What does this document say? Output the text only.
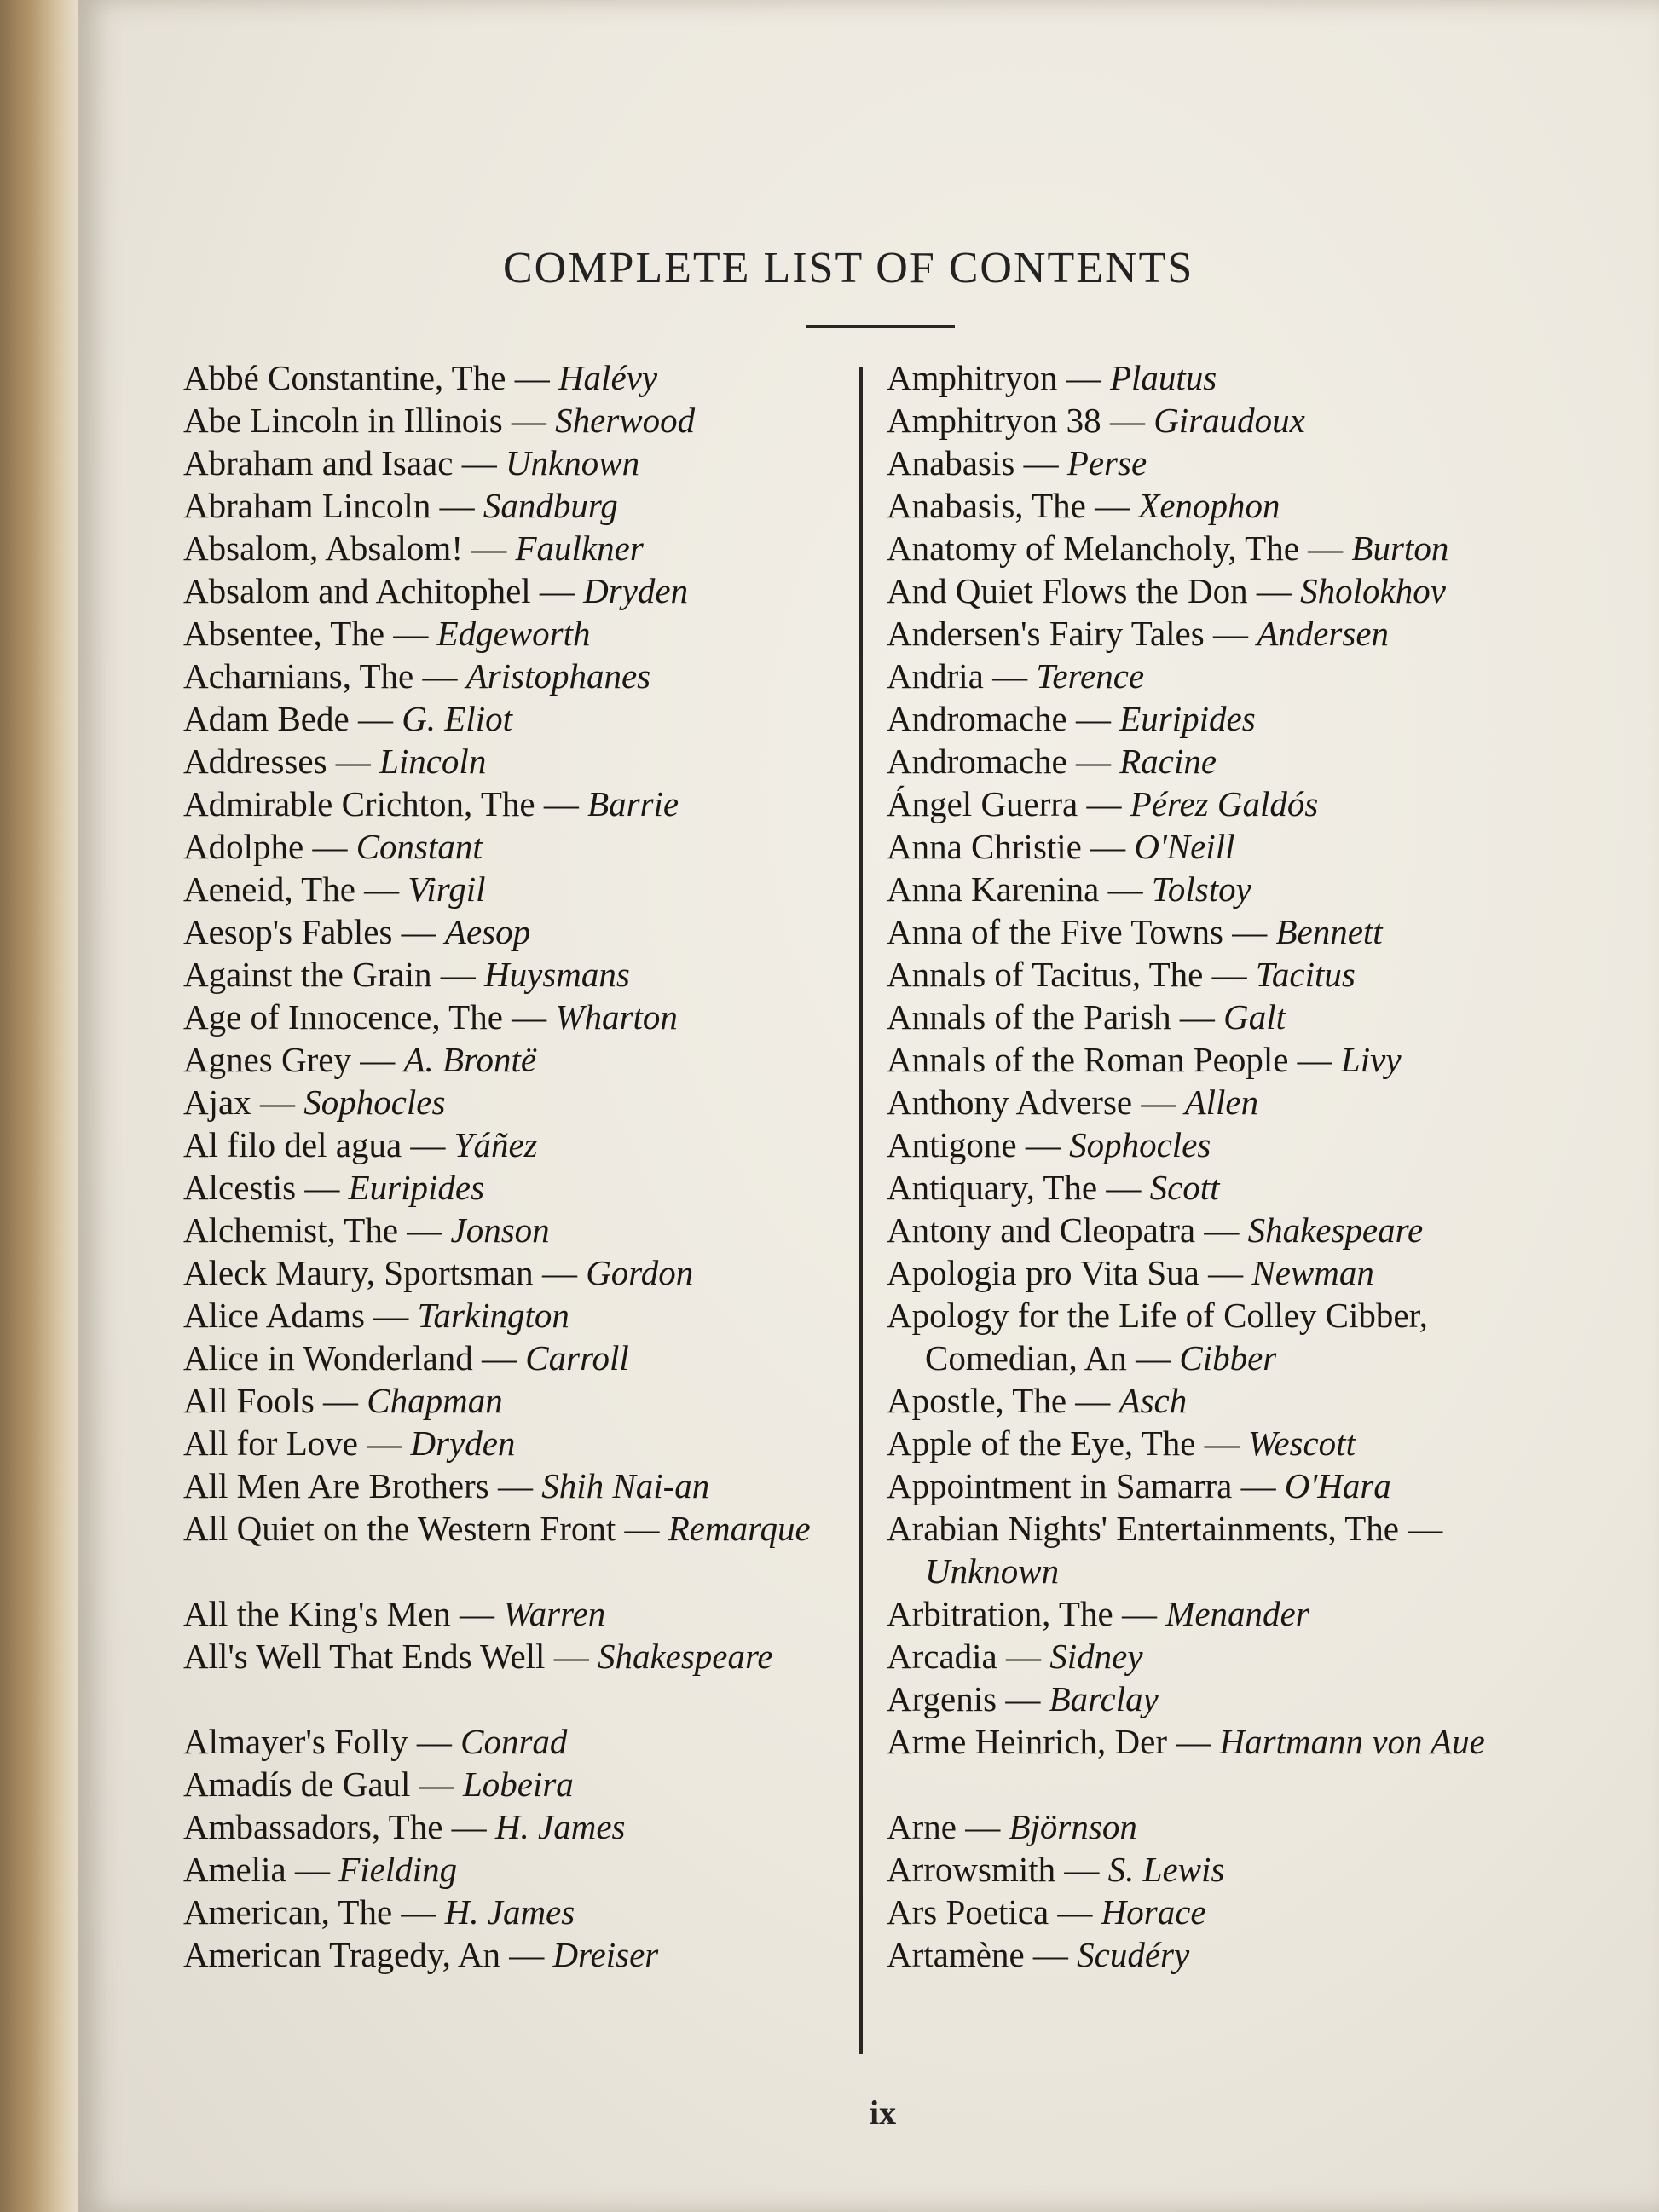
COMPLETE LIST OF CONTENTS
Abbé Constantine, The — Halévy
Abe Lincoln in Illinois — Sherwood
Abraham and Isaac — Unknown
Abraham Lincoln — Sandburg
Absalom, Absalom! — Faulkner
Absalom and Achitophel — Dryden
Absentee, The — Edgeworth
Acharnians, The — Aristophanes
Adam Bede — G. Eliot
Addresses — Lincoln
Admirable Crichton, The — Barrie
Adolphe — Constant
Aeneid, The — Virgil
Aesop's Fables — Aesop
Against the Grain — Huysmans
Age of Innocence, The — Wharton
Agnes Grey — A. Brontë
Ajax — Sophocles
Al filo del agua — Yáñez
Alcestis — Euripides
Alchemist, The — Jonson
Aleck Maury, Sportsman — Gordon
Alice Adams — Tarkington
Alice in Wonderland — Carroll
All Fools — Chapman
All for Love — Dryden
All Men Are Brothers — Shih Nai-an
All Quiet on the Western Front — Remarque
All the King's Men — Warren
All's Well That Ends Well — Shakespeare
Almayer's Folly — Conrad
Amadís de Gaul — Lobeira
Ambassadors, The — H. James
Amelia — Fielding
American, The — H. James
American Tragedy, An — Dreiser
Amphitryon — Plautus
Amphitryon 38 — Giraudoux
Anabasis — Perse
Anabasis, The — Xenophon
Anatomy of Melancholy, The — Burton
And Quiet Flows the Don — Sholokhov
Andersen's Fairy Tales — Andersen
Andria — Terence
Andromache — Euripides
Andromache — Racine
Ángel Guerra — Pérez Galdós
Anna Christie — O'Neill
Anna Karenina — Tolstoy
Anna of the Five Towns — Bennett
Annals of Tacitus, The — Tacitus
Annals of the Parish — Galt
Annals of the Roman People — Livy
Anthony Adverse — Allen
Antigone — Sophocles
Antiquary, The — Scott
Antony and Cleopatra — Shakespeare
Apologia pro Vita Sua — Newman
Apology for the Life of Colley Cibber, Comedian, An — Cibber
Apostle, The — Asch
Apple of the Eye, The — Wescott
Appointment in Samarra — O'Hara
Arabian Nights' Entertainments, The — Unknown
Arbitration, The — Menander
Arcadia — Sidney
Argenis — Barclay
Arme Heinrich, Der — Hartmann von Aue
Arne — Björnson
Arrowsmith — S. Lewis
Ars Poetica — Horace
Artamène — Scudéry
ix
